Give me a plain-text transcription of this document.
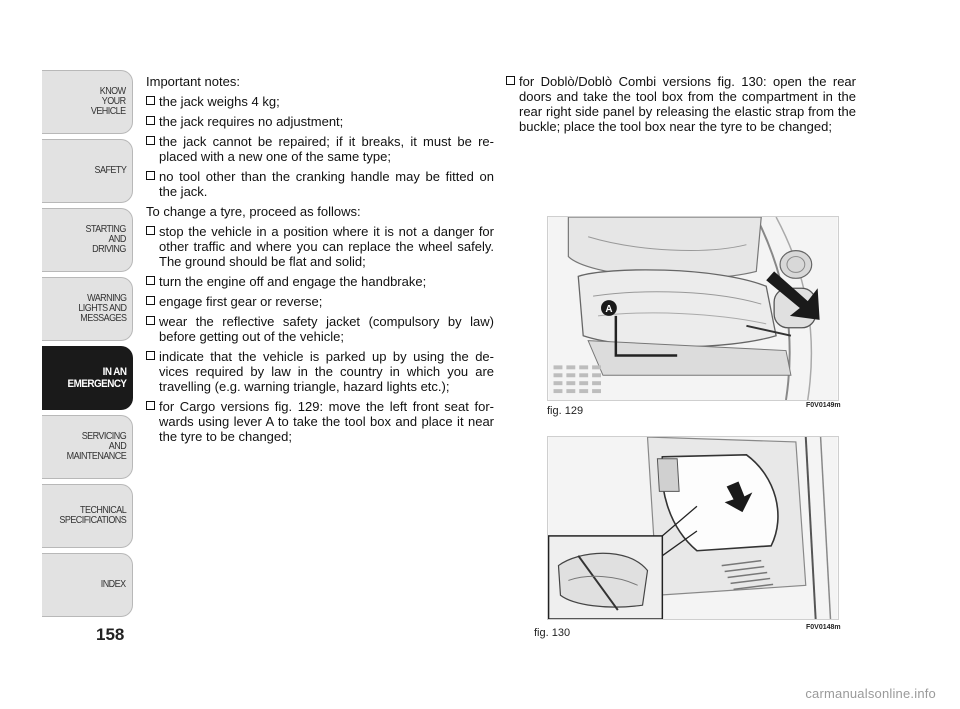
KNOW
YOUR
VEHICLE
SAFETY
STARTING
AND
DRIVING
WARNING
LIGHTS AND
MESSAGES
IN AN
EMERGENCY
SERVICING
AND
MAINTENANCE
TECHNICAL
SPECIFICATIONS
INDEX
158
Important notes:
the jack weighs 4 kg;
the jack requires no adjustment;
the jack cannot be repaired; if it breaks, it must be re-placed with a new one of the same type;
no tool other than the cranking handle may be fitted on the jack.
To change a tyre, proceed as follows:
stop the vehicle in a position where it is not a danger for other traffic and where you can replace the wheel safely. The ground should be flat and solid;
turn the engine off and engage the handbrake;
engage first gear or reverse;
wear the reflective safety jacket (compulsory by law) before getting out of the vehicle;
indicate that the vehicle is parked up by using the de-vices required by law in the country in which you are travelling (e.g. warning triangle, hazard lights etc.);
for Cargo versions fig. 129: move the left front seat for-wards using lever A to take the tool box and place it near the tyre to be changed;
for Doblò/Doblò Combi versions fig. 130: open the rear doors and take the tool box from the compartment in the rear right side panel by releasing the elastic strap from the buckle; place the tool box near the tyre to be changed;
A
fig. 129	F0V0149m
fig. 130	F0V0148m
carmanualsonline.info
